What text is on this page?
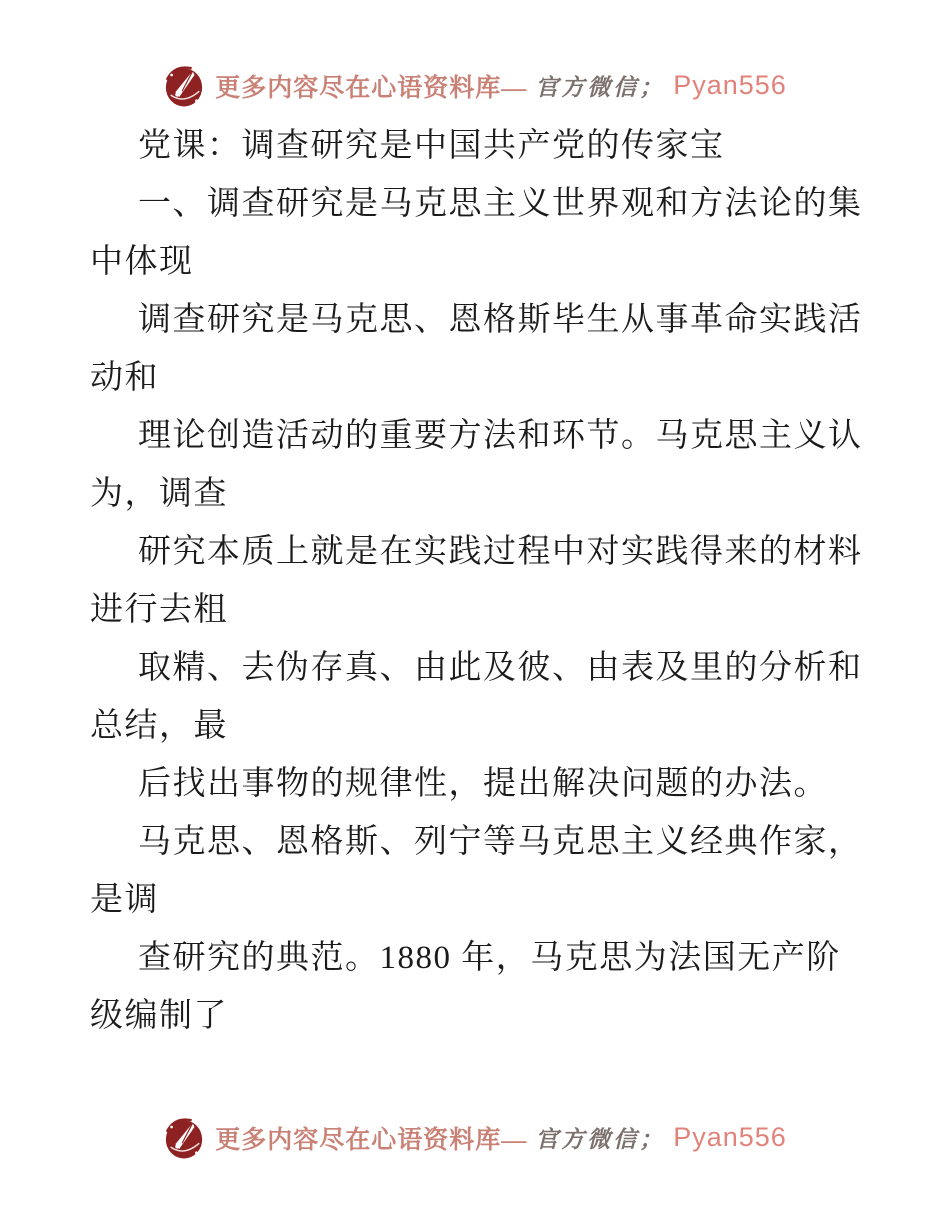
更多内容尽在心语资料库— 官方微信； Pyan556
党课：调查研究是中国共产党的传家宝
一、调查研究是马克思主义世界观和方法论的集
中体现
调查研究是马克思、恩格斯毕生从事革命实践活
动和
理论创造活动的重要方法和环节。马克思主义认
为，调查
研究本质上就是在实践过程中对实践得来的材料
进行去粗
取精、去伪存真、由此及彼、由表及里的分析和
总结，最
后找出事物的规律性，提出解决问题的办法。
马克思、恩格斯、列宁等马克思主义经典作家，
是调
查研究的典范。1880 年，马克思为法国无产阶
级编制了
更多内容尽在心语资料库— 官方微信； Pyan556
